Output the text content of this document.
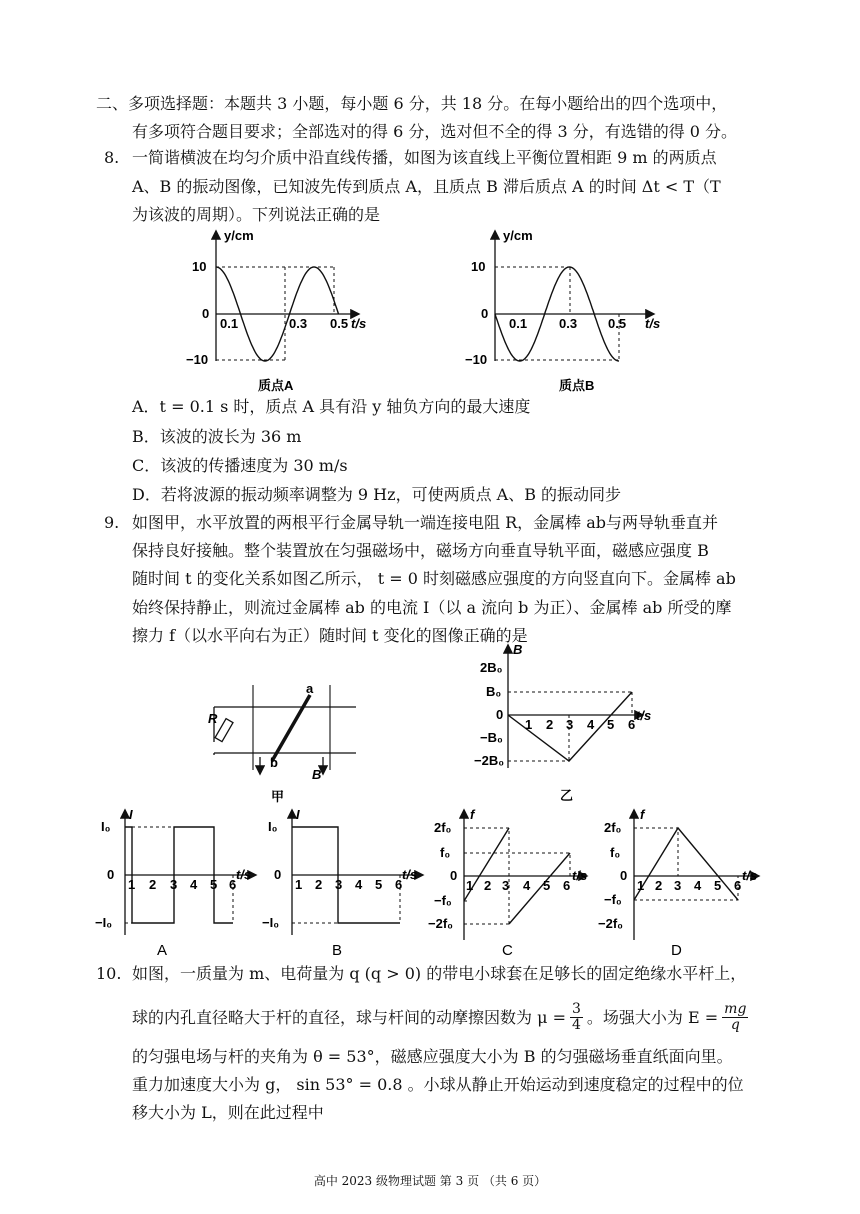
二、多项选择题：本题共 3 小题，每小题 6 分，共 18 分。在每小题给出的四个选项中，
有多项符合题目要求；全部选对的得 6 分，选对但不全的得 3 分，有选错的得 0 分。
8. 一简谐横波在均匀介质中沿直线传播，如图为该直线上平衡位置相距 9 m 的两质点
A、B 的振动图像，已知波先传到质点 A，且质点 B 滞后质点 A 的时间 Δt < T（T
为该波的周期）。下列说法正确的是
y/cm
10
0
−10
0.1	0.3 0.5 t/s
质点A
y/cm
10
0
−10
0.1 0.3 0.5 t/s
质点B
A．t = 0.1 s 时，质点 A 具有沿 y 轴负方向的最大速度
B．该波的波长为 36 m
C．该波的传播速度为 30 m/s
D．若将波源的振动频率调整为 9 Hz，可使两质点 A、B 的振动同步
9. 如图甲，水平放置的两根平行金属导轨一端连接电阻 R，金属棒 ab与两导轨垂直并
保持良好接触。整个装置放在匀强磁场中，磁场方向垂直导轨平面，磁感应强度 B
随时间 t 的变化关系如图乙所示， t = 0 时刻磁感应强度的方向竖直向下。金属棒 ab
始终保持静止，则流过金属棒 ab 的电流 I（以 a 流向 b 为正）、金属棒 ab 所受的摩
擦力 f（以水平向右为正）随时间 t 变化的图像正确的是
R
a
b
B
甲
B
2B₀
B₀
0
−B₀
−2B₀
1 2 3 4 5 6
t/s
乙
I
I₀
0
−I₀
1 2 3 4 5 6
t/s
A
I
I₀
0
−I₀
1 2 3 4 5 6
t/s
B
f
2f₀
f₀
0
−f₀
−2f₀
1 2 3 4 5 6
t/s
C
f
2f₀
f₀
0
−f₀
−2f₀
1 2 3 4 5 6
t/s
D
10. 如图，一质量为 m、电荷量为 q (q > 0) 的带电小球套在足够长的固定绝缘水平杆上，
球的内孔直径略大于杆的直径，球与杆间的动摩擦因数为 $\mu = \frac{3}{4}$ 。场强大小为 $E = \frac{mg}{q}$
的匀强电场与杆的夹角为 θ = 53°，磁感应强度大小为 B 的匀强磁场垂直纸面向里。
重力加速度大小为 g， sin 53° = 0.8 。小球从静止开始运动到速度稳定的过程中的位
移大小为 L，则在此过程中
高中 2023 级物理试题 第 3 页 （共 6 页）
